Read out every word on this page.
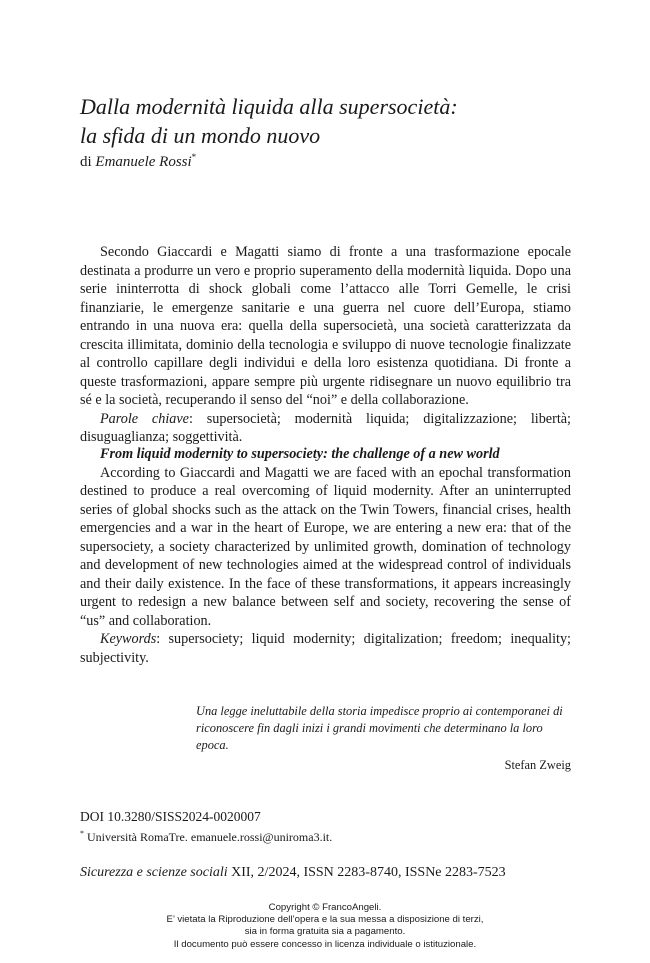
Dalla modernità liquida alla supersocietà:
la sfida di un mondo nuovo
di Emanuele Rossi*

Secondo Giaccardi e Magatti siamo di fronte a una trasformazione epocale destinata a produrre un vero e proprio superamento della modernità liquida. Dopo una serie ininterrotta di shock globali come l’attacco alle Torri Gemelle, le crisi finanziarie, le emergenze sanitarie e una guerra nel cuore dell’Europa, stiamo entrando in una nuova era: quella della supersocietà, una società caratterizzata da crescita illimitata, dominio della tecnologia e sviluppo di nuove tecnologie finalizzate al controllo capillare degli individui e della loro esistenza quotidiana. Di fronte a queste trasformazioni, appare sempre più urgente ridisegnare un nuovo equilibrio tra sé e la società, recuperando il senso del “noi” e della collaborazione.

Parole chiave: supersocietà; modernità liquida; digitalizzazione; libertà; disuguaglianza; soggettività.

From liquid modernity to supersociety: the challenge of a new world

According to Giaccardi and Magatti we are faced with an epochal transformation destined to produce a real overcoming of liquid modernity. After an uninterrupted series of global shocks such as the attack on the Twin Towers, financial crises, health emergencies and a war in the heart of Europe, we are entering a new era: that of the supersociety, a society characterized by unlimited growth, domination of technology and development of new technologies aimed at the widespread control of individuals and their daily existence. In the face of these transformations, it appears increasingly urgent to redesign a new balance between self and society, recovering the sense of “us” and collaboration.

Keywords: supersociety; liquid modernity; digitalization; freedom; inequality; subjectivity.

Una legge ineluttabile della storia impedisce proprio ai contemporanei di riconoscere fin dagli inizi i grandi movimenti che determinano la loro epoca.

Stefan Zweig

DOI 10.3280/SISS2024-0020007
* Università RomaTre. emanuele.rossi@uniroma3.it.
Sicurezza e scienze sociali XII, 2/2024, ISSN 2283-8740, ISSNe 2283-7523
Copyright © FrancoAngeli.
E’ vietata la Riproduzione dell’opera e la sua messa a disposizione di terzi,
sia in forma gratuita sia a pagamento.
Il documento può essere concesso in licenza individuale o istituzionale.
